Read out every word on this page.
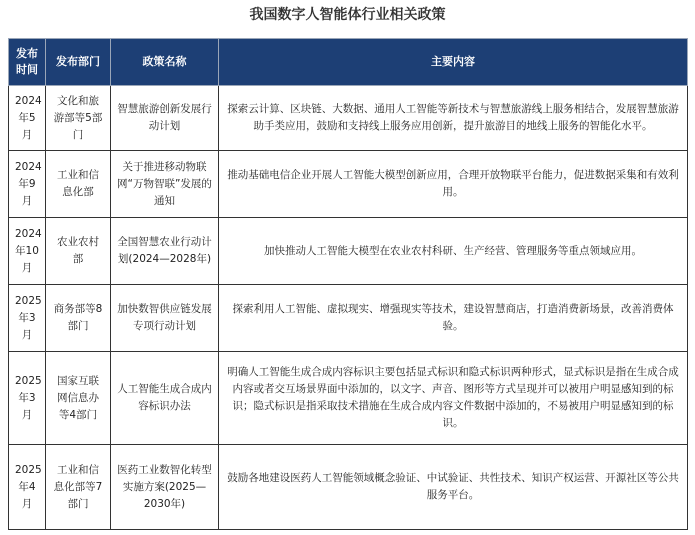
我国数字人智能体行业相关政策
发布时间	发布部门	政策名称	主要内容
2024年5月	文化和旅游部等5部门	智慧旅游创新发展行动计划	探索云计算、区块链、大数据、通用人工智能等新技术与智慧旅游线上服务相结合，发展智慧旅游助手类应用，鼓励和支持线上服务应用创新，提升旅游目的地线上服务的智能化水平。
2024年9月	工业和信息化部	关于推进移动物联网“万物智联”发展的通知	推动基础电信企业开展人工智能大模型创新应用，合理开放物联平台能力，促进数据采集和有效利用。
2024年10月	农业农村部	全国智慧农业行动计划(2024—2028年)	加快推动人工智能大模型在农业农村科研、生产经营、管理服务等重点领域应用。
2025年3月	商务部等8部门	加快数智供应链发展专项行动计划	探索利用人工智能、虚拟现实、增强现实等技术，建设智慧商店，打造消费新场景，改善消费体验。
2025年3月	国家互联网信息办等4部门	人工智能生成合成内容标识办法	明确人工智能生成合成内容标识主要包括显式标识和隐式标识两种形式，显式标识是指在生成合成内容或者交互场景界面中添加的，以文字、声音、图形等方式呈现并可以被用户明显感知到的标识；隐式标识是指采取技术措施在生成合成内容文件数据中添加的，不易被用户明显感知到的标识。
2025年4月	工业和信息化部等7部门	医药工业数智化转型实施方案(2025—2030年)	鼓励各地建设医药人工智能领域概念验证、中试验证、共性技术、知识产权运营、开源社区等公共服务平台。
